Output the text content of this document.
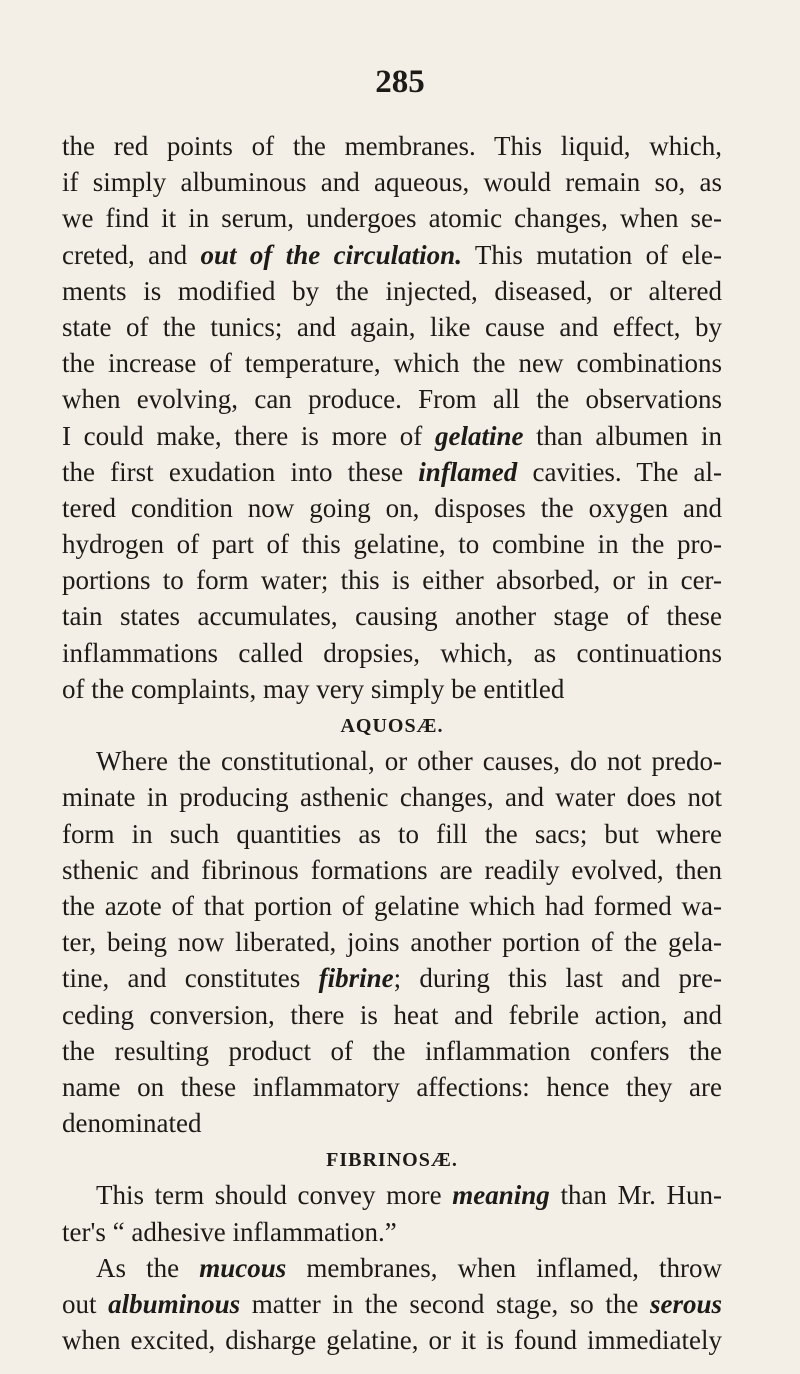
285
the red points of the membranes. This liquid, which,
if simply albuminous and aqueous, would remain so, as
we find it in serum, undergoes atomic changes, when se-
creted, and out of the circulation. This mutation of ele-
ments is modified by the injected, diseased, or altered
state of the tunics; and again, like cause and effect, by
the increase of temperature, which the new combinations
when evolving, can produce. From all the observations
I could make, there is more of gelatine than albumen in
the first exudation into these inflamed cavities. The al-
tered condition now going on, disposes the oxygen and
hydrogen of part of this gelatine, to combine in the pro-
portions to form water; this is either absorbed, or in cer-
tain states accumulates, causing another stage of these
inflammations called dropsies, which, as continuations
of the complaints, may very simply be entitled
AQUOSÆ.
Where the constitutional, or other causes, do not predo-
minate in producing asthenic changes, and water does not
form in such quantities as to fill the sacs; but where
sthenic and fibrinous formations are readily evolved, then
the azote of that portion of gelatine which had formed wa-
ter, being now liberated, joins another portion of the gela-
tine, and constitutes fibrine; during this last and pre-
ceding conversion, there is heat and febrile action, and
the resulting product of the inflammation confers the
name on these inflammatory affections: hence they are
denominated
FIBRINOSÆ.
This term should convey more meaning than Mr. Hun-
ter's “ adhesive inflammation.”
As the mucous membranes, when inflamed, throw
out albuminous matter in the second stage, so the serous
when excited, disharge gelatine, or it is found immediately
